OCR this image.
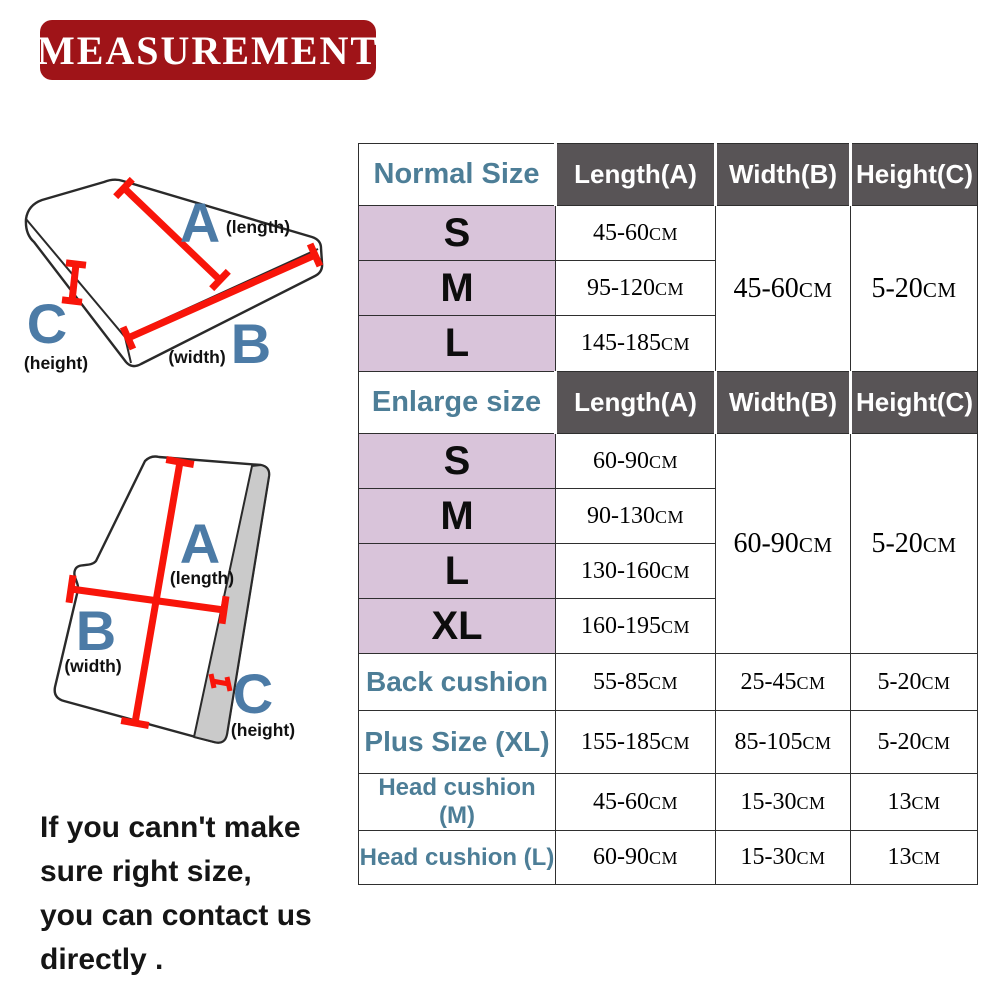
MEASUREMENT
A (length)
B
(width)
C
(height)
A
(length)
B
(width) C
(height)
Normal Size	Length(A)	Width(B)	Height(C)
S	45-60CM	45-60CM	5-20CM
M	95-120CM		
L	145-185CM		
Enlarge size	Length(A)	Width(B)	Height(C)
S	60-90CM	60-90CM	5-20CM
M	90-130CM		
L	130-160CM		
XL	160-195CM		
Back cushion	55-85CM	25-45CM	5-20CM
Plus Size (XL)	155-185CM	85-105CM	5-20CM
Head cushion (M)	45-60CM	15-30CM	13CM
Head cushion (L)	60-90CM	15-30CM	13CM
If you cann't make
sure right size,
you can contact us
directly .
